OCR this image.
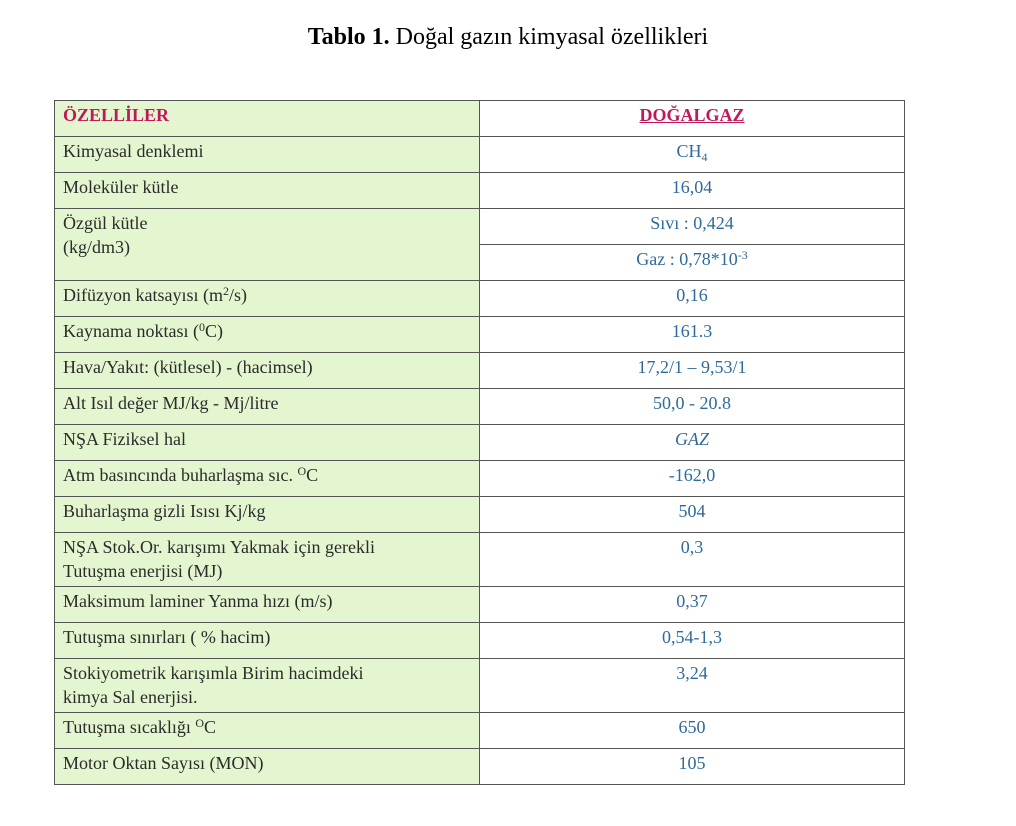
Tablo 1. Doğal gazın kimyasal özellikleri
ÖZELLİLER	DOĞALGAZ
Kimyasal denklemi	$CH_4$
Moleküler kütle	16,04

Özgül kütle
(kg/dm3)	Sıvı : 0,424
	Gaz : $0,78*10^{-3}$
Difüzyon katsayısı $(m^2/s)$	0,16
Kaynama noktası ($^0$C)	161.3
Hava/Yakıt: (kütlesel) - (hacimsel)	17,2/1 – 9,53/1
Alt Isıl değer MJ/kg - Mj/litre	50,0 - 20.8
NŞA Fiziksel hal	GAZ
Atm basıncında buharlaşma sıc. $^O$C	-162,0
Buharlaşma gizli Isısı Kj/kg	504

NŞA Stok.Or. karışımı Yakmak için gerekli
Tutuşma enerjisi (MJ)	0,3
Maksimum laminer Yanma hızı (m/s)	0,37
Tutuşma sınırları ( % hacim)	0,54-1,3

Stokiyometrik karışımla Birim hacimdeki
kimya Sal enerjisi.	3,24
Tutuşma sıcaklığı $^O$C	650
Motor Oktan Sayısı (MON)	105
